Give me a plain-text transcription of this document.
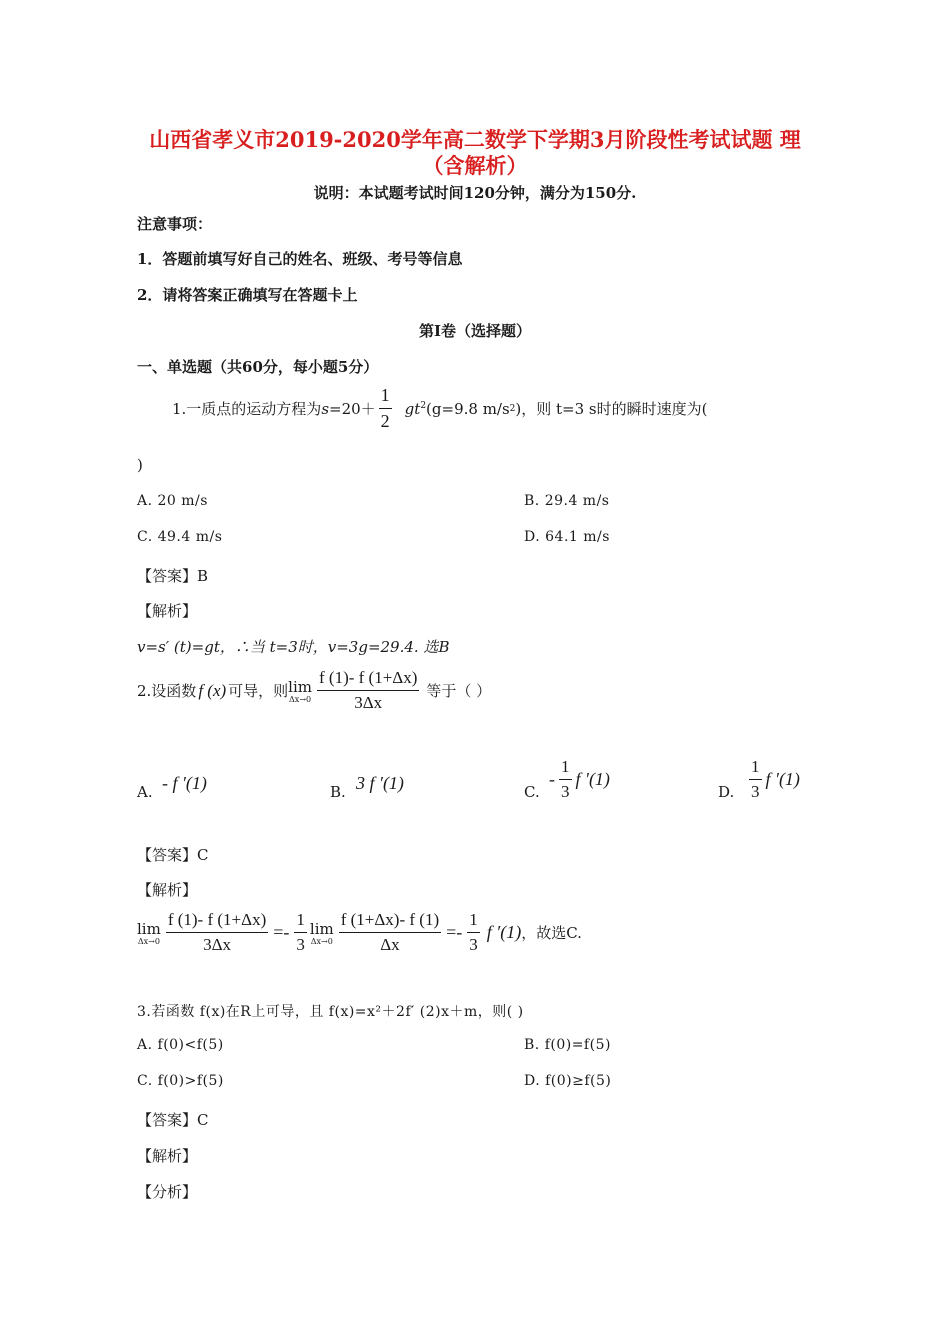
山西省孝义市2019-2020学年高二数学下学期3月阶段性考试试题 理
（含解析）
说明：本试题考试时间120分钟，满分为150分.
注意事项：
1．答题前填写好自己的姓名、班级、考号等信息
2．请将答案正确填写在答题卡上
第Ⅰ卷（选择题）
一、单选题（共60分，每小题5分）
1.一质点的运动方程为 $s =20+ \frac{1}{2} gt^2$ (g=9.8 m/s 2 )，则 t=3 s时的瞬时速度为(
)
A. 20 m/s	B. 29.4 m/s
C. 49.4 m/s	D. 64.1 m/s
【答案】B
【解析】
v=s′ (t)=gt，∴当 t=3时，v=3g=29.4. 选B
2.设函数 f (x) 可导，则 lim
$\Delta x\to 0 \frac{f (1)- f (1+\Delta x)}{3\Delta x}$ 等于（ ）
A. - f ′(1)	B. 3 f ′(1)	C.
- $\frac{1}{3}$ f ′(1)
D. $\frac{1}{3}$ f ′(1)
【答案】C
【解析】
lim
$\Delta x\to 0 \frac{f (1)- f (1+\Delta x)}{3\Delta x} =- \frac{1}{3}$ lim
$\Delta x\to 0 \frac{f (1+\Delta x)- f (1)}{\Delta x} =- \frac{1}{3}$ f ′(1) ，故选C.
3.若函数 f(x)在R上可导，且 f(x)=x²＋2f′ (2)x＋m，则( )
A. f(0)<f(5)	B. f(0)=f(5)
C. f(0)>f(5)	D. f(0)≥f(5)
【答案】C
【解析】
【分析】
